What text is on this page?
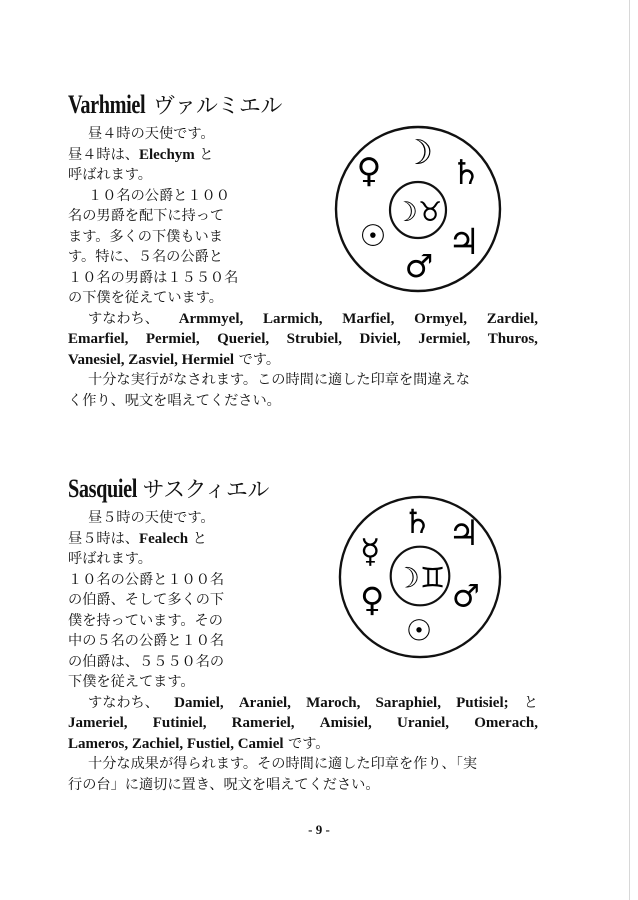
Varhmiel ヴァルミエル
昼４時の天使です。
昼４時は、Elechym と
呼ばれます。
１０名の公爵と１００
名の男爵を配下に持って
ます。多くの下僕もいま
す。特に、５名の公爵と
１０名の男爵は１５５０名
の下僕を従えています。
すなわち、 Armmyel, Larmich, Marfiel, Ormyel, Zardiel,
Emarfiel, Permiel, Queriel, Strubiel, Diviel, Jermiel, Thuros,
Vanesiel, Zasviel, Hermiel です。
十分な実行がなされます。この時間に適した印章を間違えな
く作り、呪文を唱えてください。
☽
♀ ♄
☉
♂
♃
☽♉
Sasquiel サスクィエル
昼５時の天使です。
昼５時は、Fealech と
呼ばれます。
１０名の公爵と１００名
の伯爵、そして多くの下
僕を持っています。その
中の５名の公爵と１０名
の伯爵は、５５５０名の
下僕を従えてます。
すなわち、 Damiel, Araniel, Maroch, Saraphiel, Putisiel; と
Jameriel, Futiniel, Rameriel, Amisiel, Uraniel, Omerach,
Lameros, Zachiel, Fustiel, Camiel です。
十分な成果が得られます。その時間に適した印章を作り、「実
行の台」に適切に置き、呪文を唱えてください。
♄
☿ ♃
♀
☉
♂
☽♊
- 9 -
